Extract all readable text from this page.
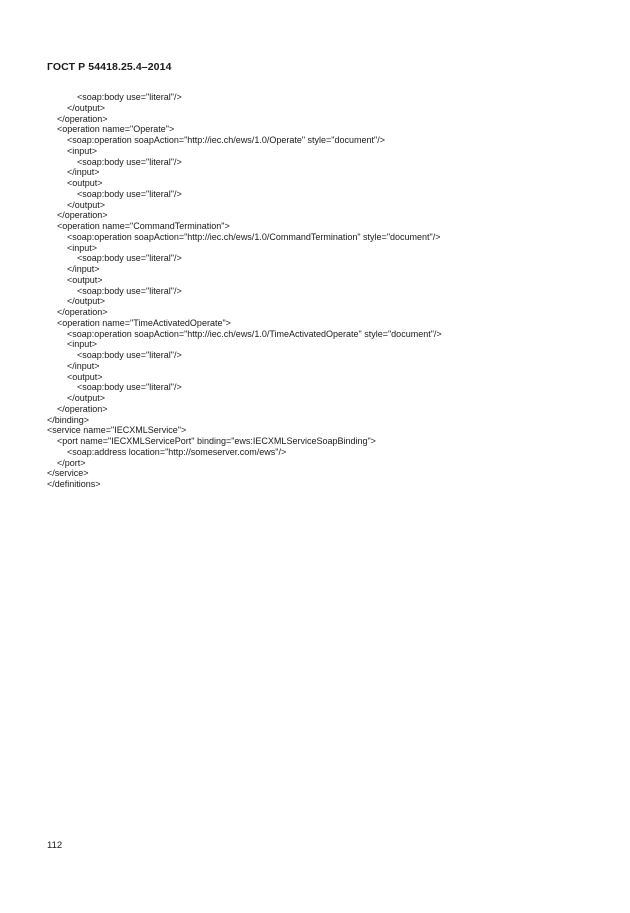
ГОСТ Р 54418.25.4–2014
<soap:body use="literal"/>
</output>
</operation>
<operation name="Operate">
<soap:operation soapAction="http://iec.ch/ews/1.0/Operate" style="document"/>
<input>
<soap:body use="literal"/>
</input>
<output>
<soap:body use="literal"/>
</output>
</operation>
<operation name="CommandTermination">
<soap:operation soapAction="http://iec.ch/ews/1.0/CommandTermination" style="document"/>
<input>
<soap:body use="literal"/>
</input>
<output>
<soap:body use="literal"/>
</output>
</operation>
<operation name="TimeActivatedOperate">
<soap:operation soapAction="http://iec.ch/ews/1.0/TimeActivatedOperate" style="document"/>
<input>
<soap:body use="literal"/>
</input>
<output>
<soap:body use="literal"/>
</output>
</operation>
</binding>
<service name="IECXMLService">
<port name="IECXMLServicePort" binding="ews:IECXMLServiceSoapBinding">
<soap:address location="http://someserver.com/ews"/>
</port>
</service>
</definitions>
112
